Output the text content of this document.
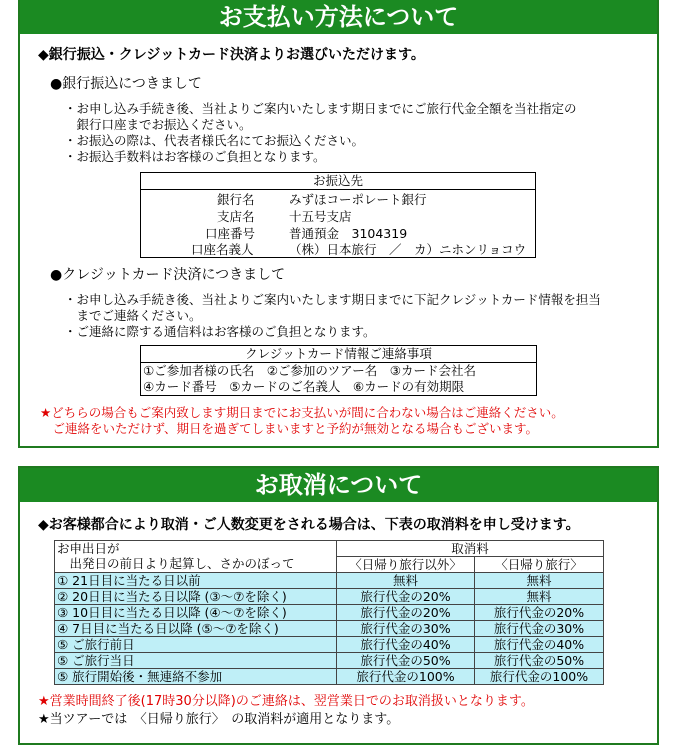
お支払い方法について
◆銀行振込・クレジットカード決済よりお選びいただけます。
●銀行振込につきまして
・お申し込み手続き後、当社よりご案内いたします期日までにご旅行代金全額を当社指定の
　銀行口座までお振込ください。
・お振込の際は、代表者様氏名にてお振込ください。
・お振込手数料はお客様のご負担となります。
お振込先
銀行名	みずほコーポレート銀行
支店名	十五号支店
口座番号	普通預金　3104319
口座名義人	（株）日本旅行　／　カ）ニホンリョコウ
●クレジットカード決済につきまして
・お申し込み手続き後、当社よりご案内いたします期日までに下記クレジットカード情報を担当
　までご連絡ください。
・ご連絡に際する通信料はお客様のご負担となります。
クレジットカード情報ご連絡事項
①ご参加者様の氏名　②ご参加のツアー名　③カード会社名
④カード番号　⑤カードのご名義人　⑥カードの有効期限
★どちらの場合もご案内致します期日までにお支払いが間に合わない場合はご連絡ください。
　ご連絡をいただけず、期日を過ぎてしまいますと予約が無効となる場合もございます。
お取消について
◆お客様都合により取消・ご人数変更をされる場合は、下表の取消料を申し受けます。
お申出日が
　出発日の前日より起算し、さかのぼって	取消料	
	〈日帰り旅行以外〉	〈日帰り旅行〉
① 21日目に当たる日以前	無料	無料
② 20日目に当たる日以降 (③～⑦を除く)	旅行代金の20%	無料
③ 10日目に当たる日以降 (④～⑦を除く)	旅行代金の20%	旅行代金の20%
④ 7日目に当たる日以降 (⑤～⑦を除く)	旅行代金の30%	旅行代金の30%
⑤ ご旅行前日	旅行代金の40%	旅行代金の40%
⑤ ご旅行当日	旅行代金の50%	旅行代金の50%
⑤ 旅行開始後・無連絡不参加	旅行代金の100%	旅行代金の100%
★営業時間終了後(17時30分以降)のご連絡は、翌営業日でのお取消扱いとなります。
★当ツアーでは　〈日帰り旅行〉　の取消料が適用となります。
